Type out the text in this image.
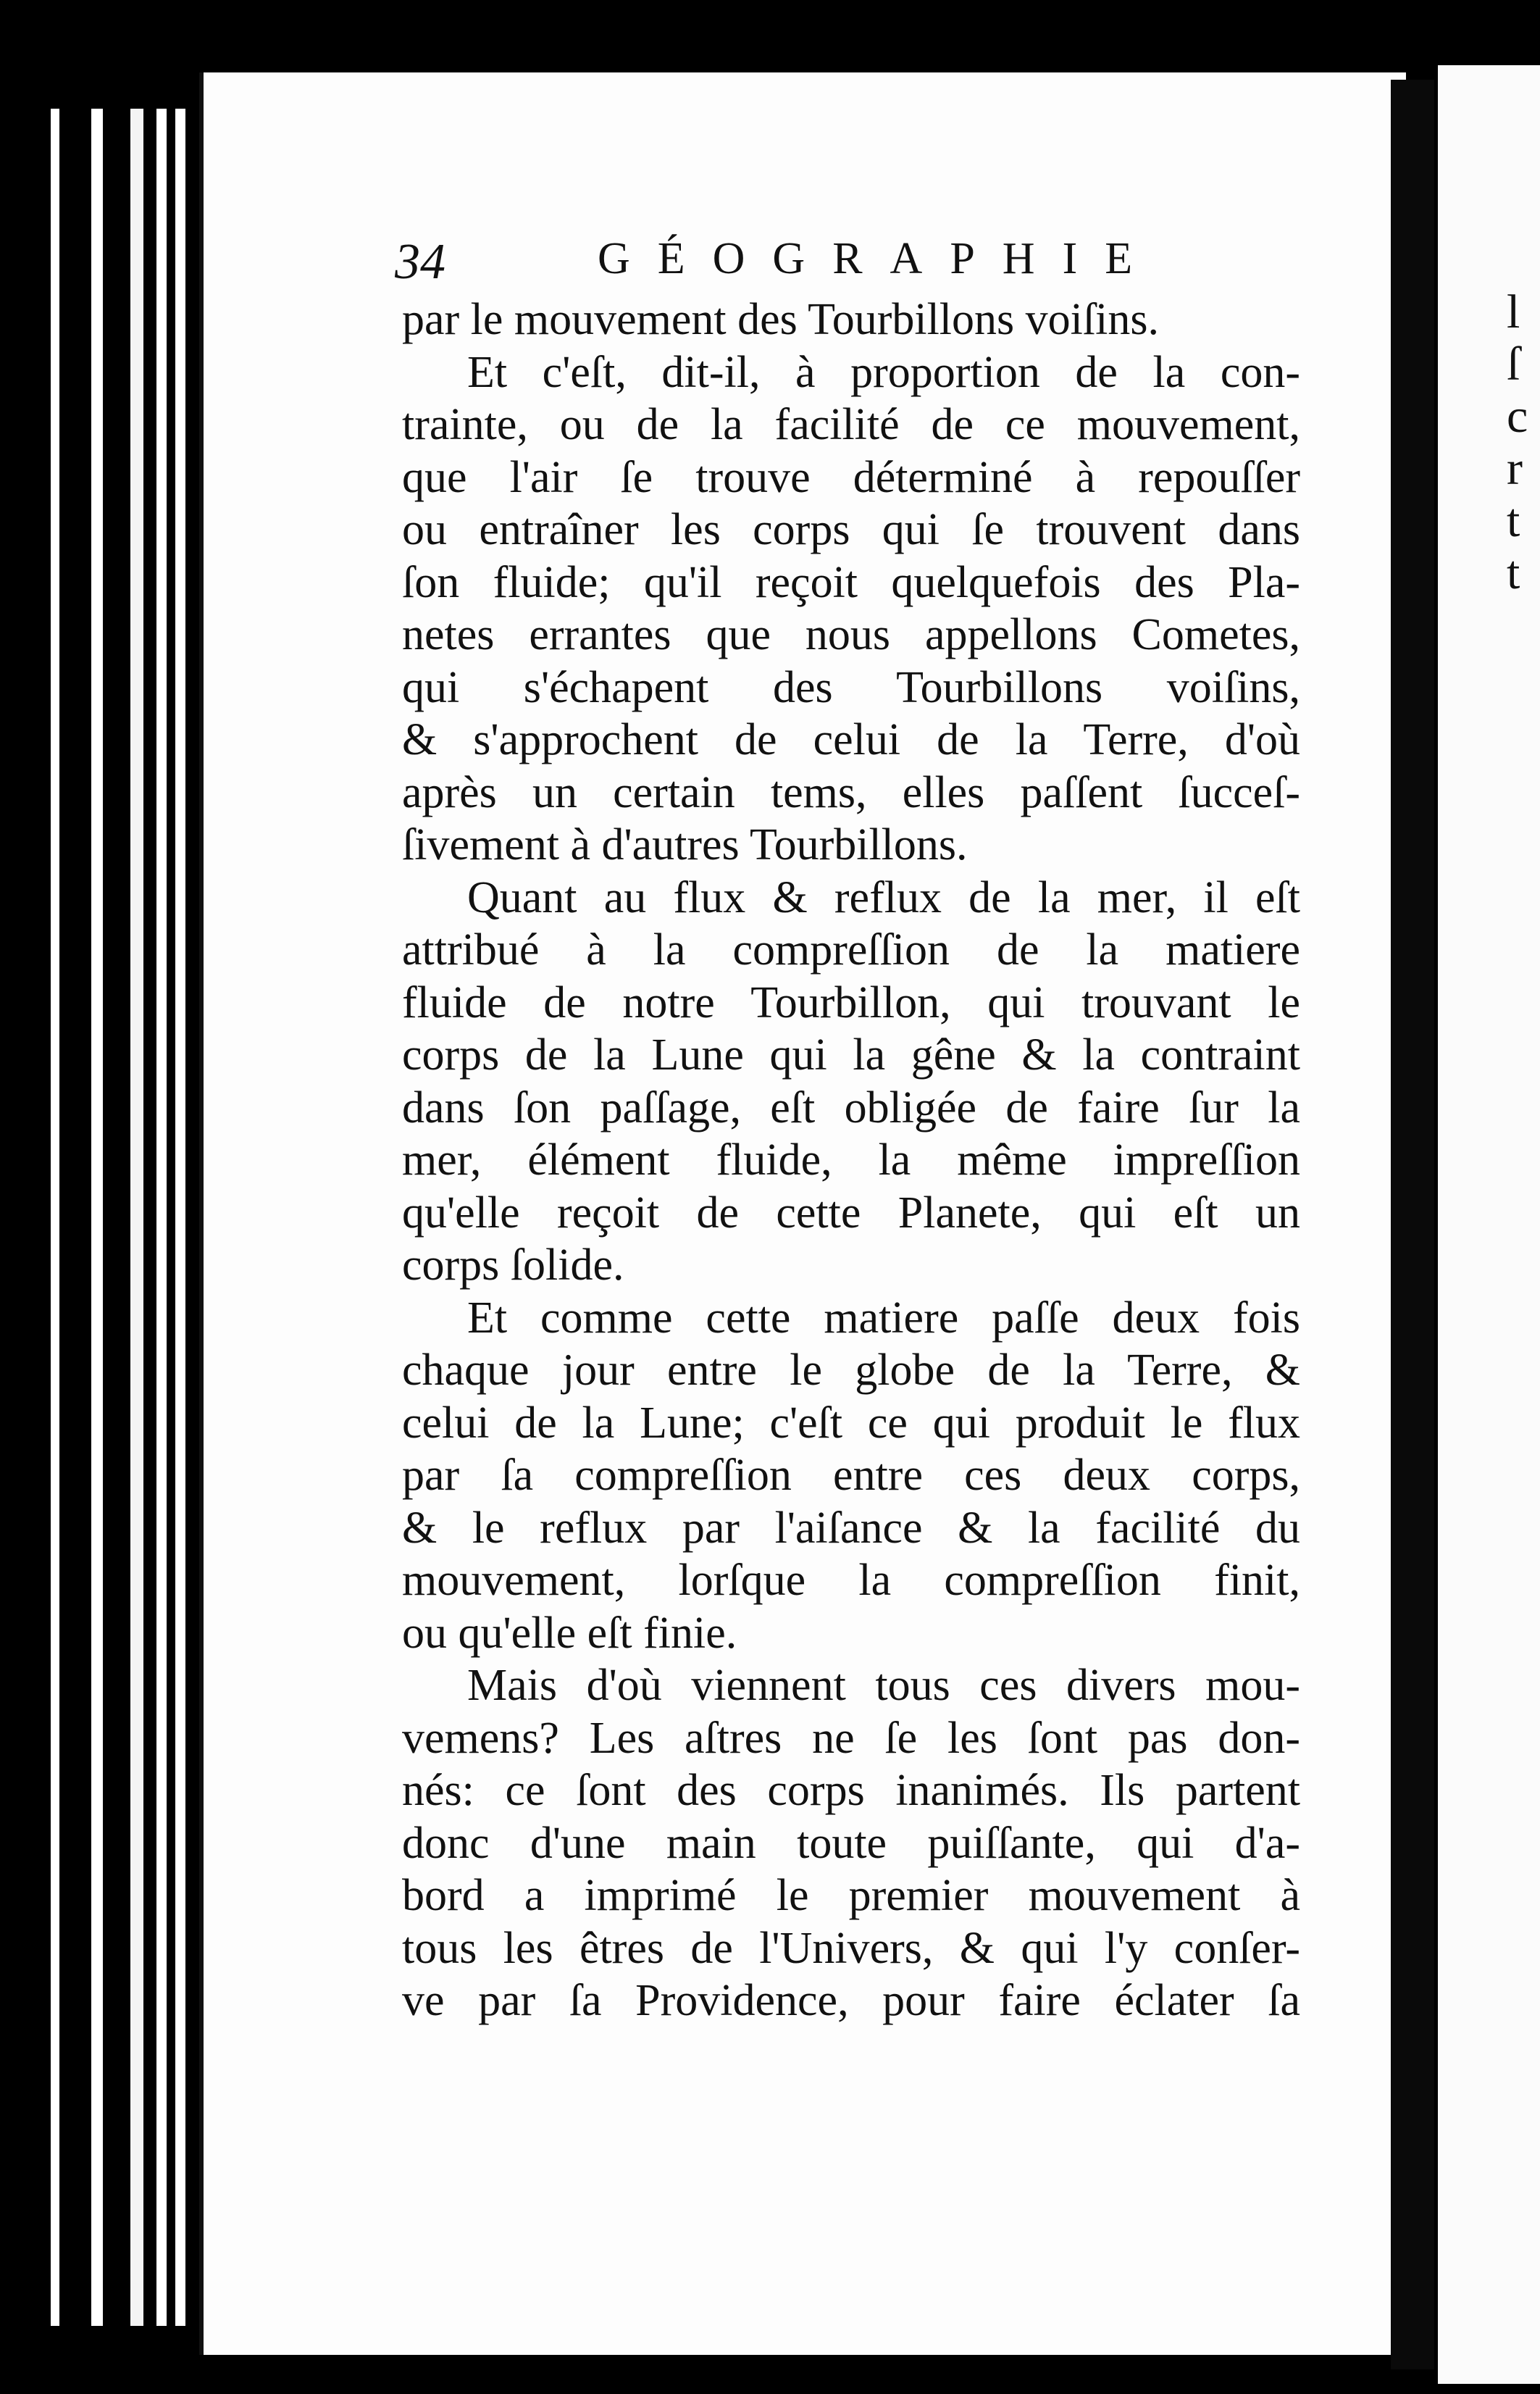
l
ſ
c
r
t
t
34	GÉOGRAPHIE
par le mouvement des Tourbillons voiſins.
Et c'eſt, dit-il, à proportion de la con-
trainte, ou de la facilité de ce mouvement,
que l'air ſe trouve déterminé à repouſſer
ou entraîner les corps qui ſe trouvent dans
ſon fluide; qu'il reçoit quelquefois des Pla-
netes errantes que nous appellons Cometes,
qui s'échapent des Tourbillons voiſins,
& s'approchent de celui de la Terre, d'où
après un certain tems, elles paſſent ſucceſ-
ſivement à d'autres Tourbillons.
Quant au flux & reflux de la mer, il eſt
attribué à la compreſſion de la matiere
fluide de notre Tourbillon, qui trouvant le
corps de la Lune qui la gêne & la contraint
dans ſon paſſage, eſt obligée de faire ſur la
mer, élément fluide, la même impreſſion
qu'elle reçoit de cette Planete, qui eſt un
corps ſolide.
Et comme cette matiere paſſe deux fois
chaque jour entre le globe de la Terre, &
celui de la Lune; c'eſt ce qui produit le flux
par ſa compreſſion entre ces deux corps,
& le reflux par l'aiſance & la facilité du
mouvement, lorſque la compreſſion finit,
ou qu'elle eſt finie.
Mais d'où viennent tous ces divers mou-
vemens? Les aſtres ne ſe les ſont pas don-
nés: ce ſont des corps inanimés. Ils partent
donc d'une main toute puiſſante, qui d'a-
bord a imprimé le premier mouvement à
tous les êtres de l'Univers, & qui l'y conſer-
ve par ſa Providence, pour faire éclater ſa
